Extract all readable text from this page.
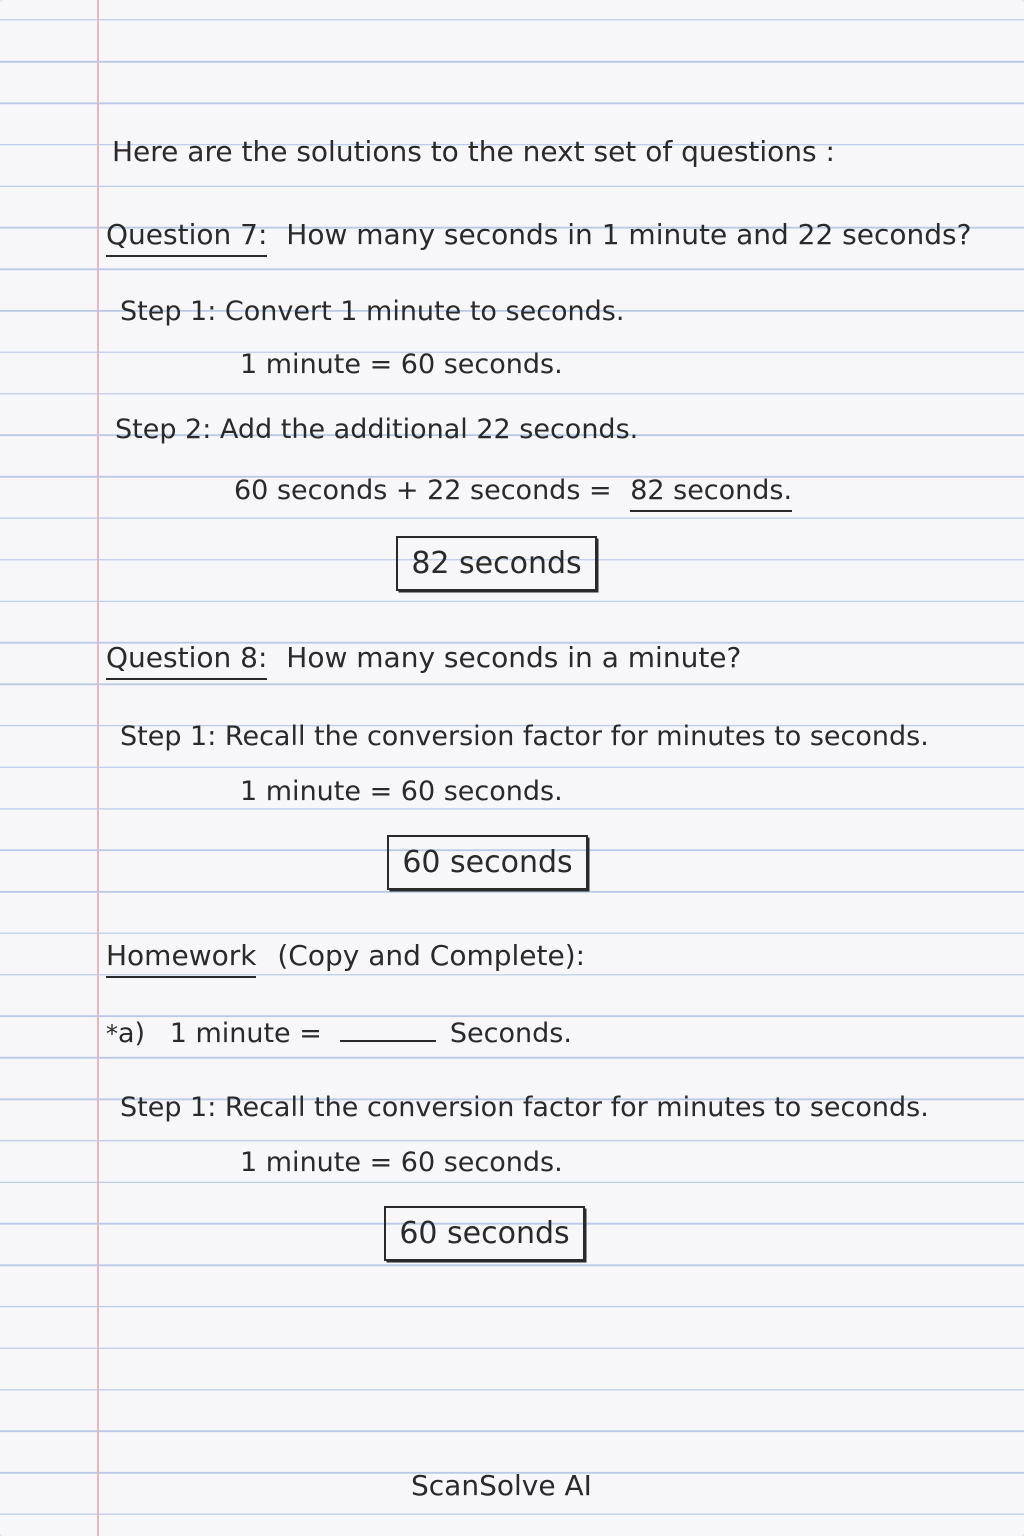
Here are the solutions to the next set of questions :
Question 7: How many seconds in 1 minute and 22 seconds?
Step 1: Convert 1 minute to seconds.
1 minute = 60 seconds.
Step 2: Add the additional 22 seconds.
60 seconds + 22 seconds = 82 seconds.
82 seconds
Question 8: How many seconds in a minute?
Step 1: Recall the conversion factor for minutes to seconds.
1 minute = 60 seconds.
60 seconds
Homework (Copy and Complete):
*a) 1 minute =	Seconds.
Step 1: Recall the conversion factor for minutes to seconds.
1 minute = 60 seconds.
60 seconds
ScanSolve AI
